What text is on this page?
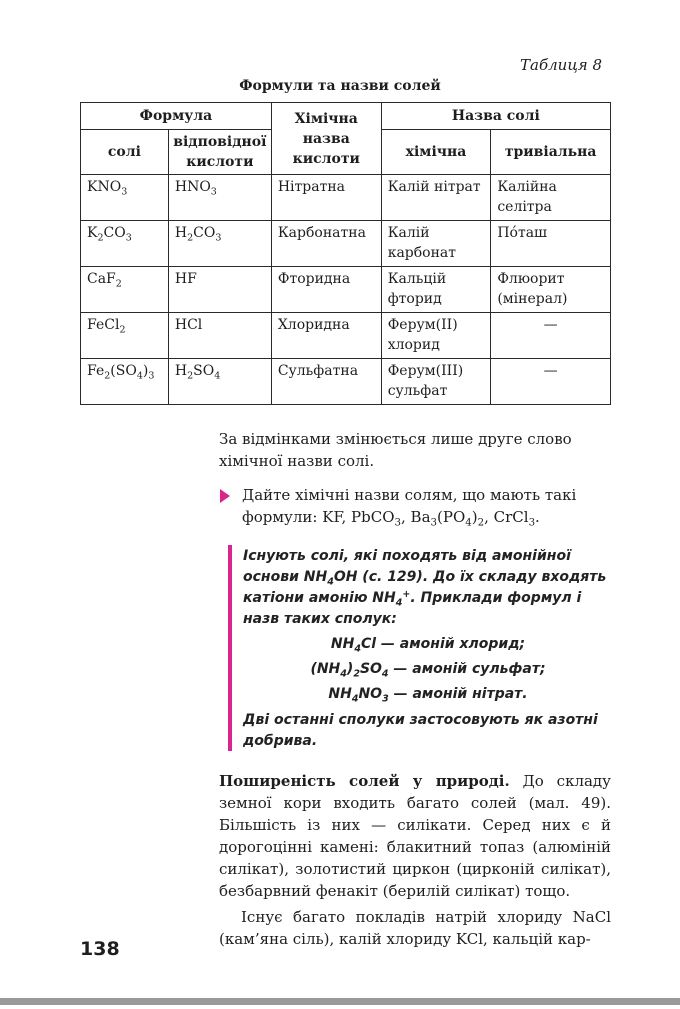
Таблиця 8
Формули та назви солей
Формула		Хімічна назва кислоти	Назва солі	
солі	відповідної кислоти		хімічна	тривіальна
$KNO_3$	$HNO_3$	Нітратна	Калій нітрат	Калійна селітра
$K_2CO_3$	$H_2CO_3$	Карбонатна	Калій карбонат	Пóташ
CaF$_2$	HF	Фторидна	Кальцій фторид	Флюорит (мінерал)
FeCl$_2$	HCl	Хлоридна	Ферум(II) хлорид	—
$Fe_2(SO_4)_3$	$H_2SO_4$	Сульфатна	Ферум(III) сульфат	—
За відмінками змінюється лише друге слово хімічної назви солі.
Дайте хімічні назви солям, що мають такі формули: KF, PbCO$_3$, $Ba_3(PO_4)_2$, CrCl$_3$.

Існують солі, які походять від амонійної основи $NH_4OH$ (с. 129). До їх складу входять катіони амонію $NH_4^+$. Приклади формул і назв таких сполук:

$NH_4Cl$ — амоній хлорид;

$(NH_4)_2SO_4$ — амоній сульфат;

$NH_4NO_3$ — амоній нітрат.

Дві останні сполуки застосовують як азотні добрива.

Поширеність солей у природі. До складу земної кори входить багато солей (мал. 49). Більшість із них — силікати. Серед них є й дорогоцінні камені: блакитний топаз (алюміній силікат), золотистий циркон (цирконій силікат), безбарвний фенакіт (берилій силікат) тощо.

Існує багато покладів натрій хлориду NaCl (кам’яна сіль), калій хлориду KCl, кальцій кар-

138
